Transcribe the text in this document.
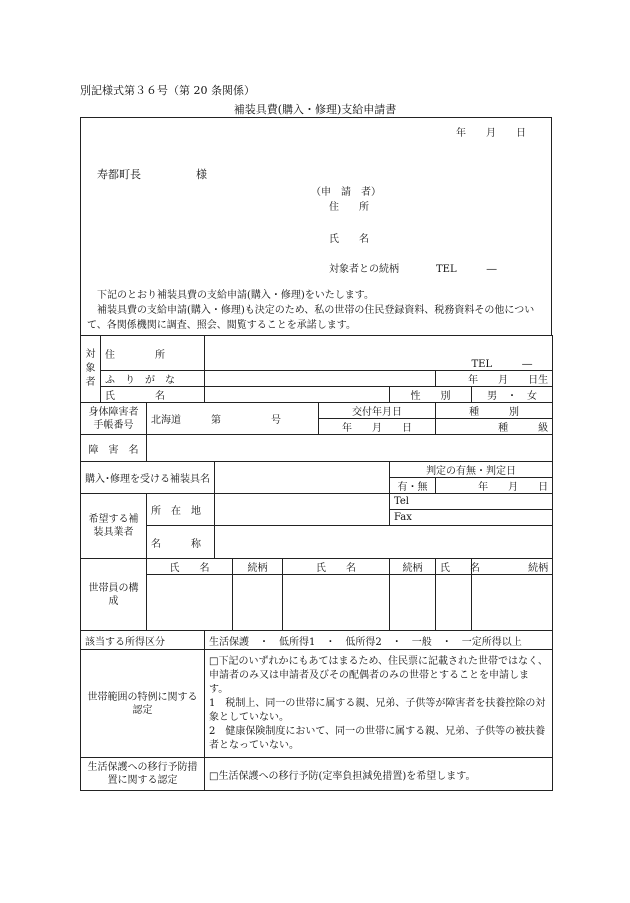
別記様式第３６号（第 20 条関係）
補装具費(購入・修理)支給申請書
年　　月　　日
寿都町長　　　　　様
（申　請　者）
住　　所
氏　　名
対象者との続柄	TEL　　　―
　下記のとおり補装具費の支給申請(購入・修理)をいたします。
　補装具費の支給申請(購入・修理)も決定のため、私の世帯の住民登録資料、税務資料その他について、各関係機関に調査、照会、閲覧することを承諾します。
対象者	住　　　　所		TEL　　　―							
	ふ　り　が　な								年　　月　　日生	
	氏　　　　名							性　　別		男　・　女
身体障害者手帳番号		北海道　　　第　　　　　号					交付年月日		種　　　別	
							年　　月　　日		種　　　級	
障　害　名										
購入･修理を受ける補装具名								判定の有無・判定日		
								有・無	年　　月　　日	
希望する補装具業者		所　在　地						Tel		
								Fax		
		名　　　称								
世帯員の構成		氏　　名			続柄	氏　　名		続柄	氏　　名	続柄

該当する所得区分			生活保護　・　低所得1　・　低所得2　・　一般　・　一定所得以上							
世帯範囲の特例に関する認定			□下記のいずれかにもあてはまるため、住民票に記載された世帯ではなく、申請者のみ又は申請者及びその配偶者のみの世帯とすることを申請します。
1　税制上、同一の世帯に属する親、兄弟、子供等が障害者を扶養控除の対象としていない。
2　健康保険制度において、同一の世帯に属する親、兄弟、子供等の被扶養者となっていない。							

生活保護への移行予防措置に関する認定			□生活保護への移行予防(定率負担減免措置)を希望します。							
